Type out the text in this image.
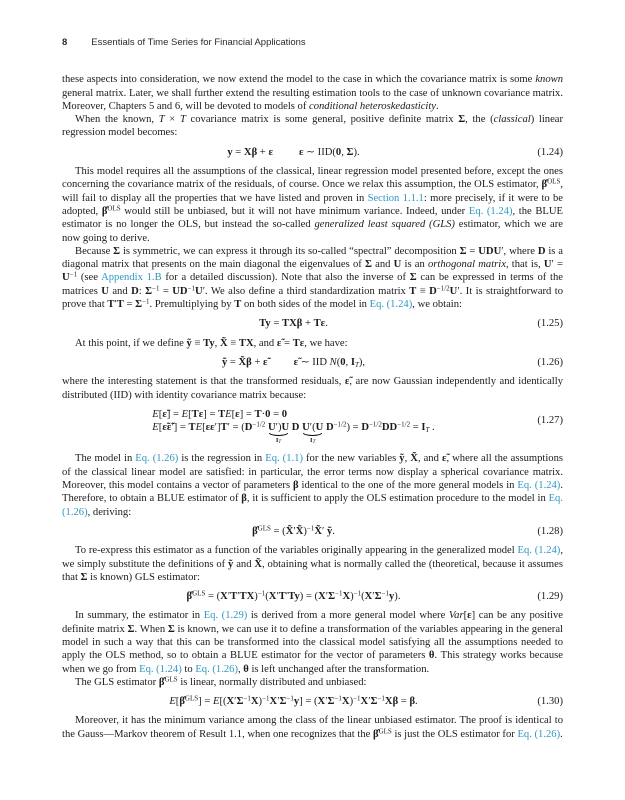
8	Essentials of Time Series for Financial Applications

these aspects into consideration, we now extend the model to the case in which the covariance matrix is some known general matrix. Later, we shall further extend the resulting estimation tools to the case of unknown covariance matrix. Moreover, Chapters 5 and 6, will be devoted to models of conditional heteroskedasticity.

When the known, T × T covariance matrix is some general, positive definite matrix Σ, the (classical) linear regression model becomes:

y = Xβ + ε ε ∼ IID(0, Σ).	(1.24)

This model requires all the assumptions of the classical, linear regression model presented before, except the ones concerning the covariance matrix of the residuals, of course. Once we relax this assumption, the OLS estimator, β̂$^{OLS}$, will fail to display all the properties that we have listed and proven in Section 1.1.1: more precisely, if it were to be adopted, β̂$^{OLS}$ would still be unbiased, but it will not have minimum variance. Indeed, under Eq. (1.24), the BLUE estimator is no longer the OLS, but instead the so-called generalized least squared (GLS) estimator, which we are now going to derive.

Because Σ is symmetric, we can express it through its so-called “spectral” decomposition Σ = UDU′, where D is a diagonal matrix that presents on the main diagonal the eigenvalues of Σ and U is an orthogonal matrix, that is, $U' = U^{-1}$ (see Appendix 1.B for a detailed discussion). Note that also the inverse of Σ can be expressed in terms of the matrices U and D: $\Sigma^{-1} = UD^{-1}U'$. We also define a third standardization matrix $T \equiv D^{-1/2}U'$. It is straightforward to prove that $T'T = \Sigma^{-1}$. Premultiplying by T on both sides of the model in Eq. (1.24), we obtain:

Ty = TXβ + Tε.	(1.25)

At this point, if we define ỹ ≡ Ty, X̃ ≡ TX, and ε̃ = Tε, we have:

ỹ = X̃β + ε̃ ε̃ ∼ IID N(0, IT),	(1.26)

where the interesting statement is that the transformed residuals, ε̃, are now Gaussian independently and identically distributed (IID) with identity covariance matrix because:

E[ε̃] = E[Tε] = TE[ε] = T·0 = 0
E[ε̃ε̃′] = $TE[\varepsilon\varepsilon']T' = (D^{-1/2}$ U′)U
IT
D U′(U
IT
$D^{-1/2}) = D^{-1/2}DD^{-1/2}$ = IT .
(1.27)

The model in Eq. (1.26) is the regression in Eq. (1.1) for the new variables ỹ, X̃, and ε̃, where all the assumptions of the classical linear model are satisfied: in particular, the error terms now display a spherical covariance matrix. Moreover, this model contains a vector of parameters β identical to the one of the more general models in Eq. (1.24). Therefore, to obtain a BLUE estimator of β, it is sufficient to apply the OLS estimation procedure to the model in Eq. (1.26), deriving:

β̂$^{GLS}$ = (X̃′X̃)$^{-1}$X̃′ ỹ.	(1.28)

To re-express this estimator as a function of the variables originally appearing in the generalized model Eq. (1.24), we simply substitute the definitions of ỹ and X̃, obtaining what is normally called the (theoretical, because it assumes that Σ is known) GLS estimator:

β̂$^{GLS}$ = $(X'T'TX)^{-1}(X'T'Ty) = (X'\Sigma^{-1}X)^{-1}(X'\Sigma^{-1}y)$.	(1.29)

In summary, the estimator in Eq. (1.29) is derived from a more general model where Var[ε] can be any positive definite matrix Σ. When Σ is known, we can use it to define a transformation of the variables appearing in the general model in such a way that this can be transformed into the classical model satisfying all the assumptions needed to apply the OLS method, so to obtain a BLUE estimator for the vector of parameters θ. This strategy works because when we go from Eq. (1.24) to Eq. (1.26), θ is left unchanged after the transformation.

The GLS estimator β̂$^{GLS}$ is linear, normally distributed and unbiased:

E[β̂$^{GLS}$] = $E[(X'\Sigma^{-1}X)^{-1}X'\Sigma^{-1}y] = (X'\Sigma^{-1}X)^{-1}X'\Sigma^{-1}X\beta = \beta$.	(1.30)

Moreover, it has the minimum variance among the class of the linear unbiased estimator. The proof is identical to the Gauss—Markov theorem of Result 1.1, when one recognizes that the β̂$^{GLS}$ is just the OLS estimator for Eq. (1.26).
